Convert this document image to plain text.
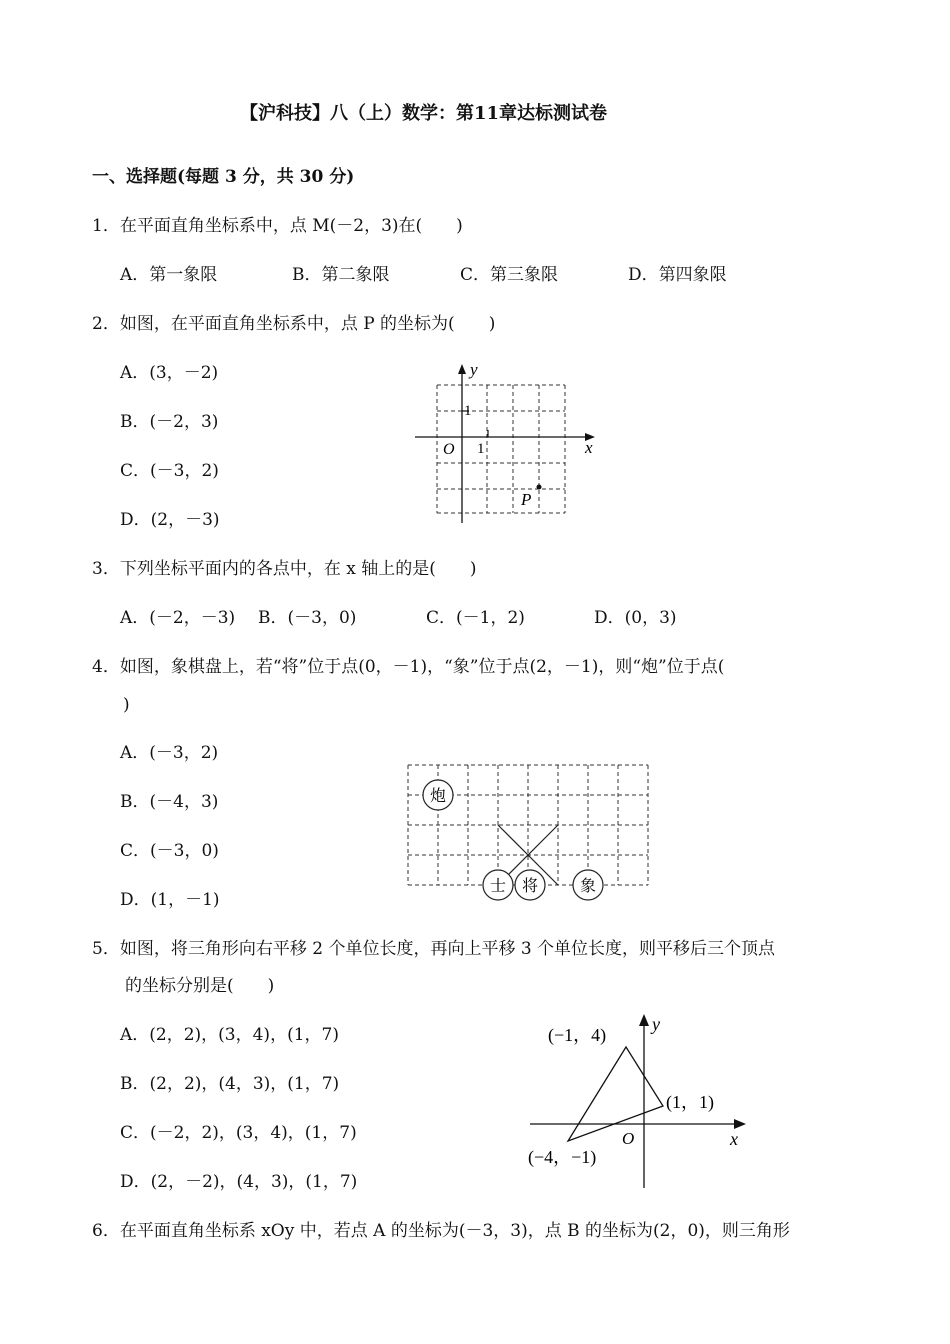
【沪科技】八（上）数学：第11章达标测试卷
一、选择题(每题 3 分，共 30 分)
1．在平面直角坐标系中，点 M(－2，3)在(　　)
A．第一象限	B．第二象限	C．第三象限	D．第四象限
2．如图，在平面直角坐标系中，点 P 的坐标为(　　)
A．(3，－2)
B．(－2，3)
C．(－3，2)
D．(2，－3)
y
x
O 1
1
P
3．下列坐标平面内的各点中，在 x 轴上的是(　　)
A．(－2，－3) B．(－3，0)	C．(－1，2)	D．(0，3)
4．如图，象棋盘上，若“将”位于点(0，－1)，“象”位于点(2，－1)，则“炮”位于点(
)
A．(－3，2)
B．(－4，3)
C．(－3，0)
D．(1，－1)
炮
士 将	象
5．如图，将三角形向右平移 2 个单位长度，再向上平移 3 个单位长度，则平移后三个顶点
的坐标分别是(　　)
A．(2，2)，(3，4)，(1，7)
B．(2，2)，(4，3)，(1，7)
C．(－2，2)，(3，4)，(1，7)
D．(2，－2)，(4，3)，(1，7)
(−1，4)
(1，1)
(−4，−1)
O	x
y
6．在平面直角坐标系 xOy 中，若点 A 的坐标为(－3，3)，点 B 的坐标为(2，0)，则三角形
